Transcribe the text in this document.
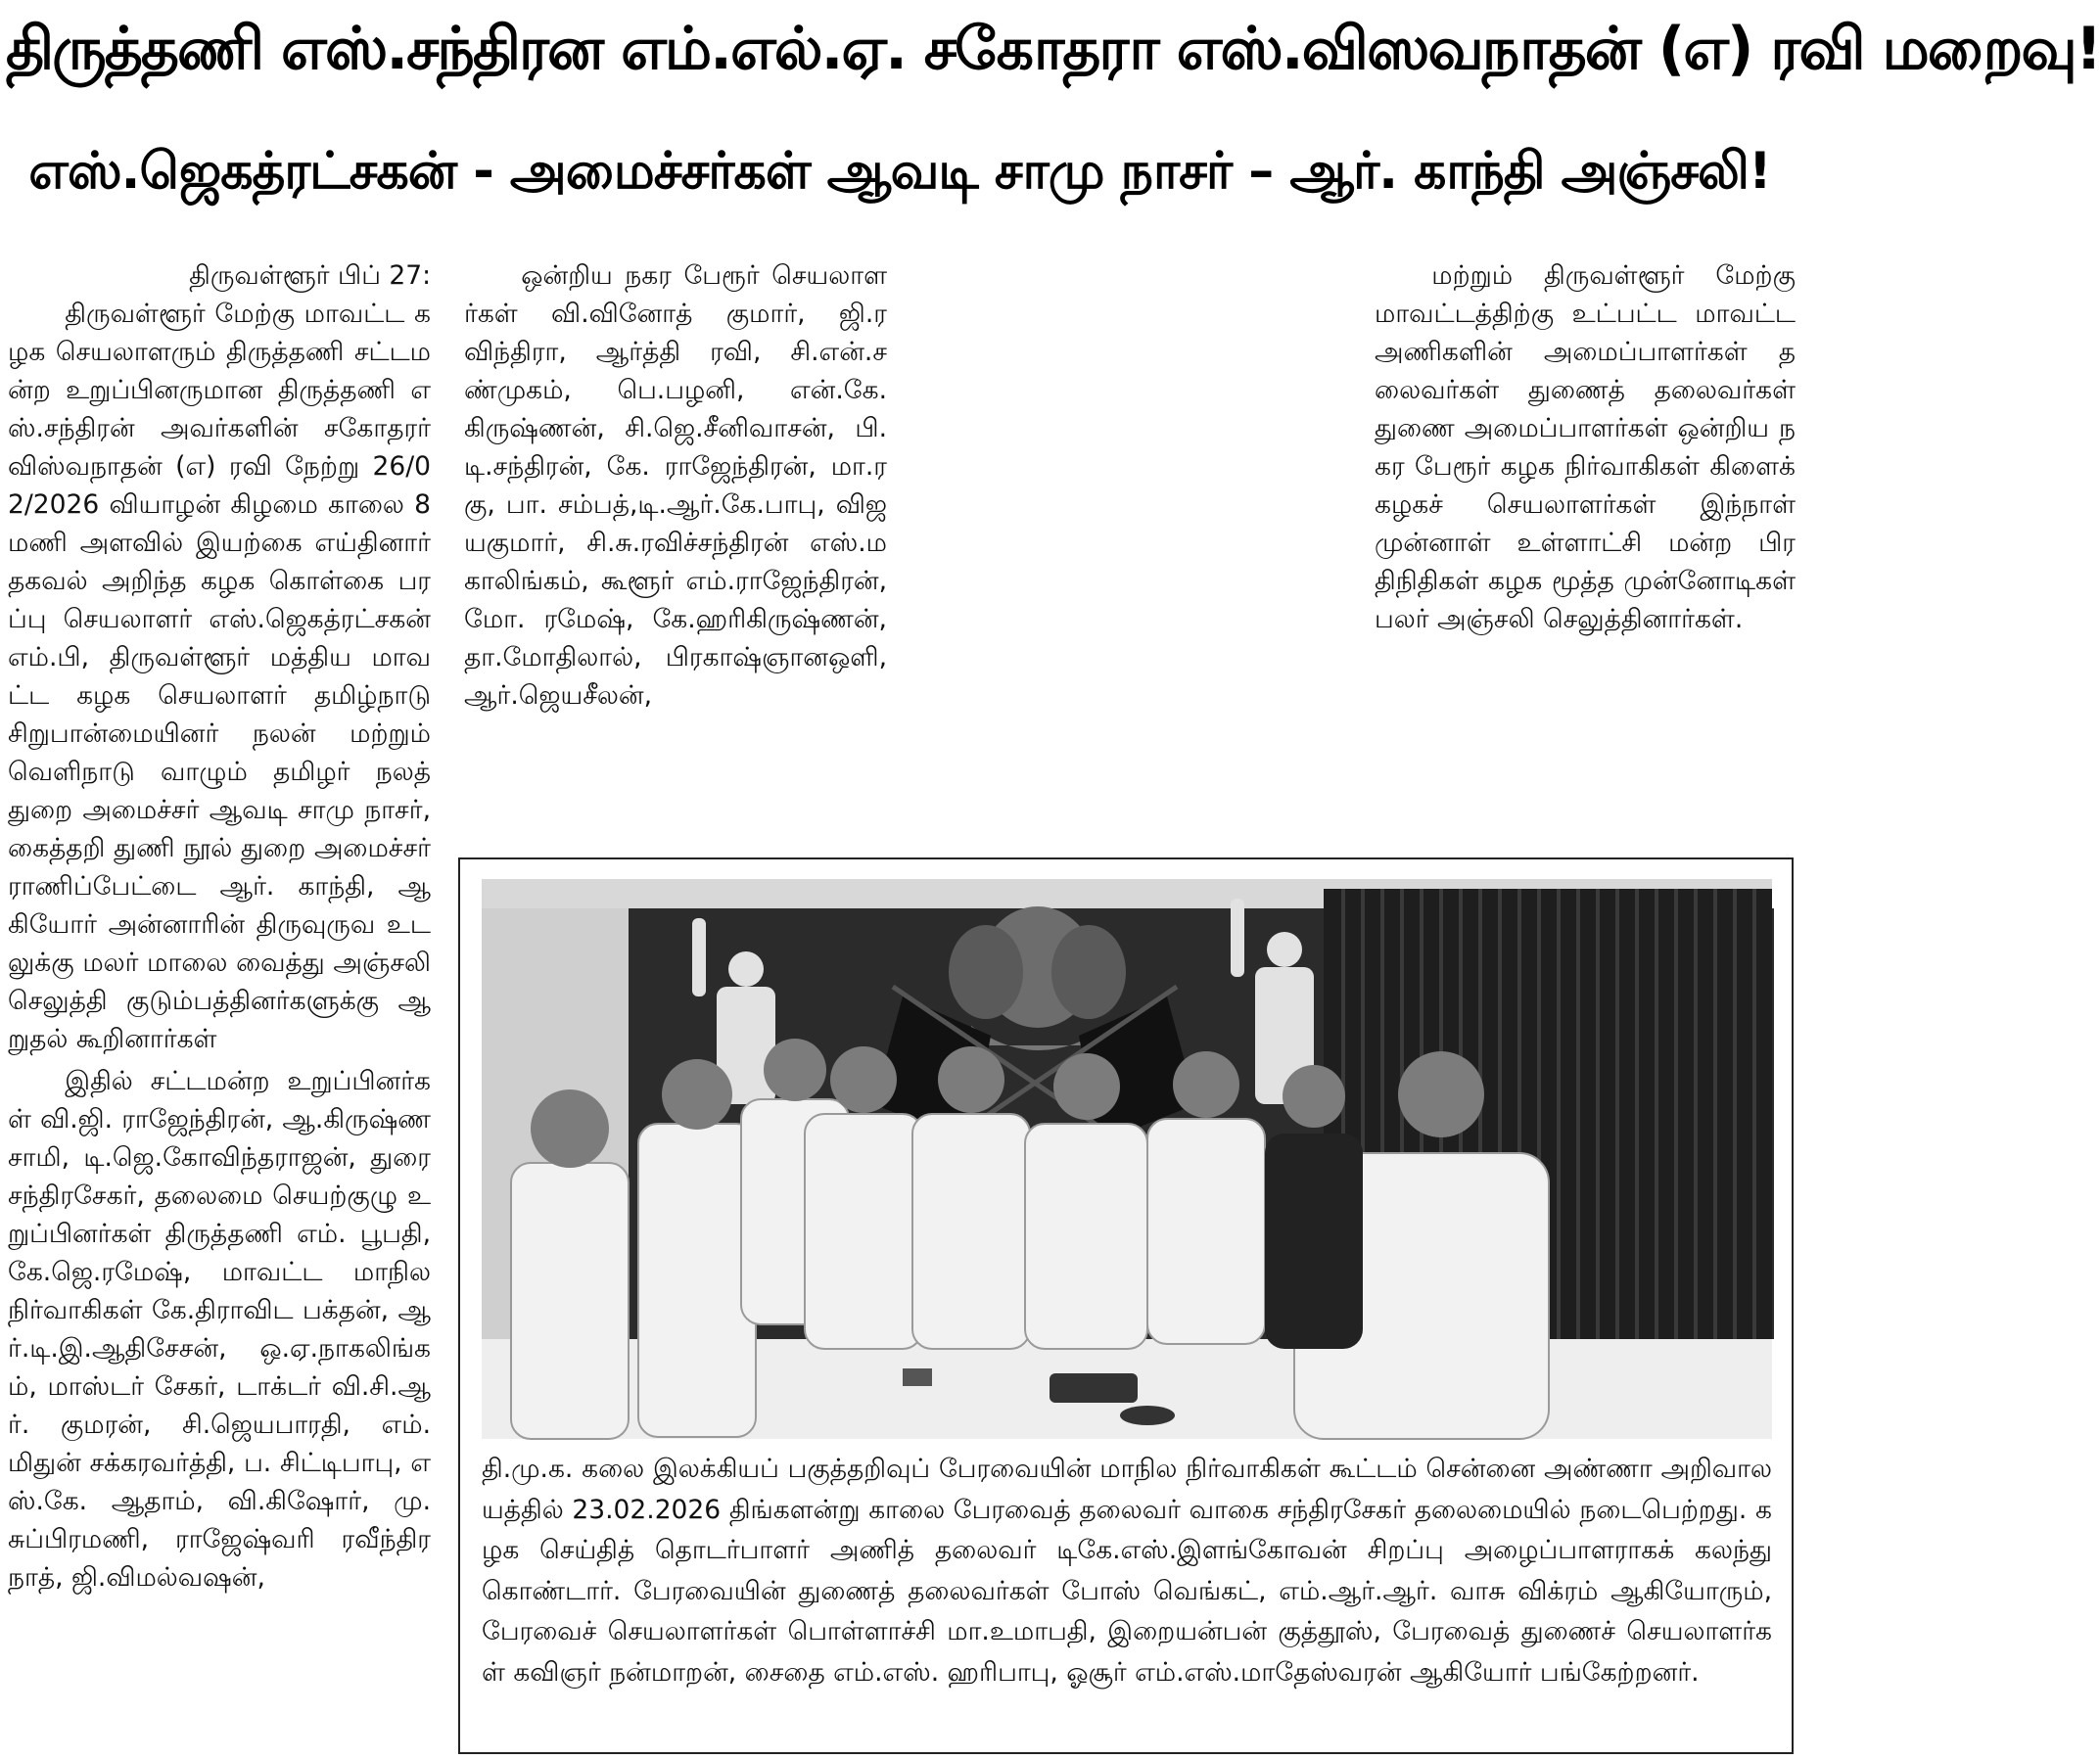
திருத்தணி எஸ்.சந்திரன எம்.எல்.ஏ. சகோதரா எஸ்.விஸவநாதன் (எ) ரவி மறைவு!
எஸ்.ஜெகத்ரட்சகன் - அமைச்சர்கள் ஆவடி சாமு நாசர் – ஆர். காந்தி அஞ்சலி!

திருவள்ளூர் பிப் 27:

திருவள்ளூர் மேற்கு மாவட்ட கழக செயலாளரும் திருத்தணி சட்டமன்ற உறுப்பினருமான திருத்தணி எஸ்.சந்திரன் அவர்களின் சகோதரர் விஸ்வநாதன் (எ) ரவி நேற்று 26/02/2026 வியாழன் கிழமை காலை 8 மணி அளவில் இயற்கை எய்தினார் தகவல் அறிந்த கழக கொள்கை பரப்பு செயலாளர் எஸ்.ஜெகத்ரட்சகன் எம்.பி, திருவள்ளூர் மத்திய மாவட்ட கழக செயலாளர் தமிழ்நாடு சிறுபான்மையினர் நலன் மற்றும் வெளிநாடு வாழும் தமிழர் நலத் துறை அமைச்சர் ஆவடி சாமு நாசர், கைத்தறி துணி நூல் துறை அமைச்சர் ராணிப்பேட்டை ஆர். காந்தி, ஆகியோர் அன்னாரின் திருவுருவ உடலுக்கு மலர் மாலை வைத்து அஞ்சலி செலுத்தி குடும்பத்தினர்களுக்கு ஆறுதல் கூறினார்கள்

இதில் சட்டமன்ற உறுப்பினர்கள் வி.ஜி. ராஜேந்திரன், ஆ.கிருஷ்ணசாமி, டி.ஜெ.கோவிந்தராஜன், துரை சந்திரசேகர், தலைமை செயற்குழு உறுப்பினர்கள் திருத்தணி எம். பூபதி, கே.ஜெ.ரமேஷ், மாவட்ட மாநில நிர்வாகிகள் கே.திராவிட பக்தன், ஆர்.டி.இ.ஆதிசேசன், ஒ.ஏ.நாகலிங்கம், மாஸ்டர் சேகர், டாக்டர் வி.சி.ஆர். குமரன், சி.ஜெயபாரதி, எம்.மிதுன் சக்கரவர்த்தி, ப. சிட்டிபாபு, எஸ்.கே. ஆதாம், வி.கிஷோர், மு.சுப்பிரமணி, ராஜேஷ்வரி ரவீந்திரநாத், ஜி.விமல்வஷன்,

ஒன்றிய நகர பேரூர் செயலாளர்கள் வி.வினோத் குமார், ஜி.ரவிந்திரா, ஆர்த்தி ரவி, சி.என்.சண்முகம், பெ.பழனி, என்.கே. கிருஷ்ணன், சி.ஜெ.சீனிவாசன், பி.டி.சந்திரன், கே. ராஜேந்திரன், மா.ரகு, பா. சம்பத்,டி.ஆர்.கே.பாபு, விஜயகுமார், சி.சு.ரவிச்சந்திரன் எஸ்.மகாலிங்கம், கூளூர் எம்.ராஜேந்திரன், மோ. ரமேஷ், கே.ஹரிகிருஷ்ணன், தா.மோதிலால், பிரகாஷ்ஞானஒளி, ஆர்.ஜெயசீலன்,

மற்றும் திருவள்ளூர் மேற்கு மாவட்டத்திற்கு உட்பட்ட மாவட்ட அணிகளின் அமைப்பாளர்கள் தலைவர்கள் துணைத் தலைவர்கள் துணை அமைப்பாளர்கள் ஒன்றிய நகர பேரூர் கழக நிர்வாகிகள் கிளைக் கழகச் செயலாளர்கள் இந்நாள் முன்னாள் உள்ளாட்சி மன்ற பிரதிநிதிகள் கழக மூத்த முன்னோடிகள் பலர் அஞ்சலி செலுத்தினார்கள்.

தி.மு.க. கலை இலக்கியப் பகுத்தறிவுப் பேரவையின் மாநில நிர்வாகிகள் கூட்டம் சென்னை அண்ணா அறிவாலயத்தில் 23.02.2026 திங்களன்று காலை பேரவைத் தலைவர் வாகை சந்திரசேகர் தலைமையில் நடைபெற்றது. கழக செய்தித் தொடர்பாளர் அணித் தலைவர் டிகே.எஸ்.இளங்கோவன் சிறப்பு அழைப்பாளராகக் கலந்து கொண்டார். பேரவையின் துணைத் தலைவர்கள் போஸ் வெங்கட், எம்.ஆர்.ஆர். வாசு விக்ரம் ஆகியோரும், பேரவைச் செயலாளர்கள் பொள்ளாச்சி மா.உமாபதி, இறையன்பன் குத்தூஸ், பேரவைத் துணைச் செயலாளர்கள் கவிஞர் நன்மாறன், சைதை எம்.எஸ். ஹரிபாபு, ஓசூர் எம்.எஸ்.மாதேஸ்வரன் ஆகியோர் பங்கேற்றனர்.
